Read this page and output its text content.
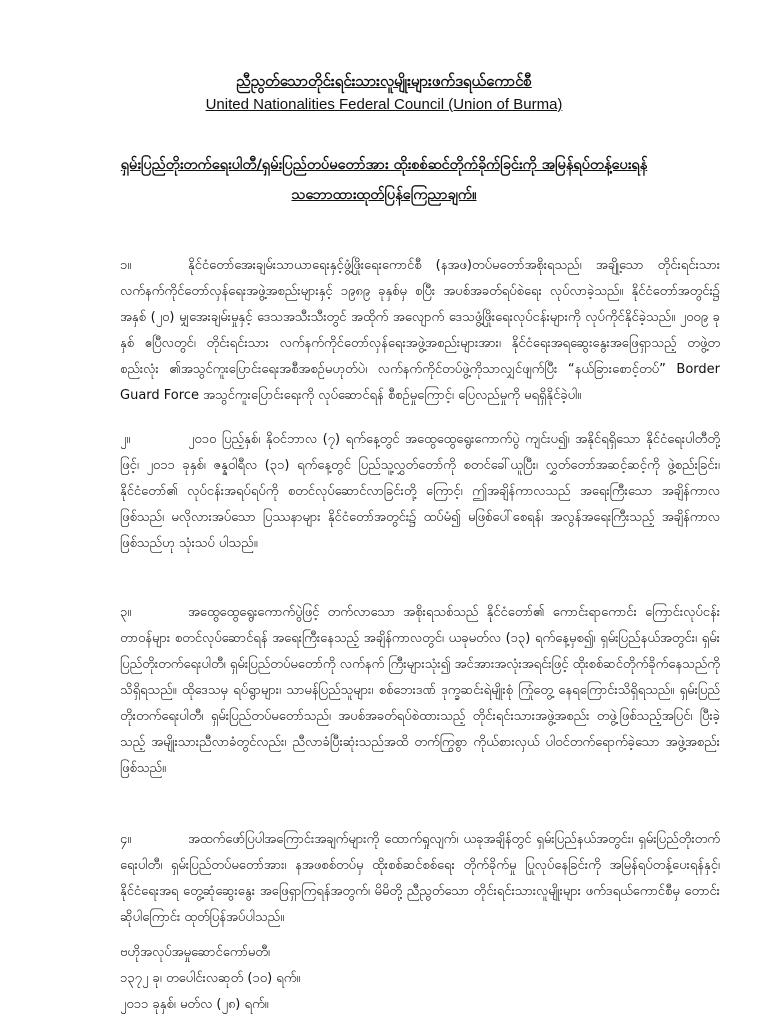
ညီညွတ်သောတိုင်းရင်းသားလူမျိုးများဖက်ဒရယ်ကောင်စီ
United Nationalities Federal Council (Union of Burma)
ရှမ်းပြည်တိုးတက်ရေးပါတီ/ရှမ်းပြည်တပ်မတော်အား ထိုးစစ်ဆင်တိုက်ခိုက်ခြင်းကို အမြန်ရပ်တန့်ပေးရန်
သဘောထားထုတ်ပြန်ကြေညာချက်။
၁။	နိုင်ငံတော်အေးချမ်းသာယာရေးနှင့်ဖွံ့ဖြိုးရေးကောင်စီ (နအဖ)တပ်မတော်အစိုးရသည်၊ အချို့သော တိုင်းရင်းသား လက်နက်ကိုင်တော်လှန်ရေးအဖွဲ့အစည်းများနှင့် ၁၉၈၉ ခုနှစ်မှ စပြီး အပစ်အခတ်ရပ်စဲရေး လုပ်လာခဲ့သည်။ နိုင်ငံတော်အတွင်း၌ အနှစ် (၂၀) မျှအေးချမ်းမှုနှင့် ဒေသအသီးသီးတွင် အထိုက် အလျောက် ဒေသဖွံ့ဖြိုးရေးလုပ်ငန်းများကို လုပ်ကိုင်နိုင်ခဲ့သည်။ ၂၀၀၉ ခုနှစ် ဧပြီလတွင်၊ တိုင်းရင်းသား လက်နက်ကိုင်တော်လှန်ရေးအဖွဲ့အစည်းများအား၊ နိုင်ငံရေးအရဆွေးနွေးအဖြေရှာသည့် တဖွဲ့တစည်းလုံး ၏အသွင်ကူးပြောင်းရေးအစီအစဉ်မဟုတ်ပဲ၊ လက်နက်ကိုင်တပ်ဖွဲ့ကိုသာလျှင်ဖျက်ပြီး “နယ်ခြားစောင့်တပ်” Border Guard Force အသွင်ကူးပြောင်းရေးကို လုပ်ဆောင်ရန် စီစဉ်မှုကြောင့်၊ ပြေလည်မှုကို မရရှိနိုင်ခဲ့ပါ။
၂။	၂၀၁၀ ပြည့်နှစ်၊ နိုဝင်ဘာလ (၇) ရက်နေ့တွင် အထွေထွေရွေးကောက်ပွဲ ကျင်းပ၍၊ အနိုင်ရရှိသော နိုင်ငံရေးပါတီတို့ဖြင့်၊ ၂၀၁၁ ခုနှစ်၊ ဇန္နဝါရီလ (၃၁) ရက်နေ့တွင် ပြည်သူ့လွှတ်တော်ကို စတင်ခေါ်ယူပြီး၊ လွှတ်တော်အဆင့်ဆင့်ကို ဖွဲ့စည်းခြင်း၊ နိုင်ငံတော်၏ လုပ်ငန်းအရပ်ရပ်ကို စတင်လုပ်ဆောင်လာခြင်းတို့ ကြောင့်၊ ဤအချိန်ကာလသည် အရေးကြီးသော အချိန်ကာလဖြစ်သည်၊ မလိုလားအပ်သော ပြဿနာများ နိုင်ငံတော်အတွင်း၌ ထပ်မံ၍ မဖြစ်ပေါ်စေရန်၊ အလွန်အရေးကြီးသည့် အချိန်ကာလ ဖြစ်သည်ဟု သုံးသပ် ပါသည်။
၃။	အထွေထွေရွေးကောက်ပွဲဖြင့် တက်လာသော အစိုးရသစ်သည် နိုင်ငံတော်၏ ကောင်းရာကောင်း ကြောင်းလုပ်ငန်းတာဝန်များ စတင်လုပ်ဆောင်ရန် အရေးကြီးနေသည့် အချိန်ကာလတွင်၊ ယခုမတ်လ (၁၃) ရက်နေ့မှစ၍၊ ရှမ်းပြည်နယ်အတွင်း၊ ရှမ်းပြည်တိုးတက်ရေးပါတီ၊ ရှမ်းပြည်တပ်မတော်ကို လက်နက် ကြီးများသုံး၍ အင်အားအလုံးအရင်းဖြင့် ထိုးစစ်ဆင်တိုက်ခိုက်နေသည်ကို သိရှိရသည်။ ထိုဒေသမှ ရပ်ရွာများ၊ သာမန်ပြည်သူများ၊ စစ်ဘေးဒဏ် ဒုက္ခဆင်းရဲမျိုးစုံ ကြုံတွေ့ နေရကြောင်းသိရှိရသည်။ ရှမ်းပြည် တိုးတက်ရေးပါတီ၊ ရှမ်းပြည်တပ်မတော်သည်၊ အပစ်အခတ်ရပ်စဲထားသည့် တိုင်းရင်းသားအဖွဲ့အစည်း တဖွဲ့ဖြစ်သည့်အပြင်၊ ပြီးခဲ့သည့် အမျိုးသားညီလာခံတွင်လည်း၊ ညီလာခံပြီးဆုံးသည်အထိ တက်ကြွစွာ ကိုယ်စားလှယ် ပါဝင်တက်ရောက်ခဲ့သော အဖွဲ့အစည်းဖြစ်သည်။
၄။	အထက်ဖော်ပြပါအကြောင်းအချက်များကို ထောက်ရှုလျက်၊ ယခုအချိန်တွင် ရှမ်းပြည်နယ်အတွင်း၊ ရှမ်းပြည်တိုးတက်ရေးပါတီ၊ ရှမ်းပြည်တပ်မတော်အား၊ နအဖစစ်တပ်မှ ထိုးစစ်ဆင်စစ်ရေး တိုက်ခိုက်မှု ပြုလုပ်နေခြင်းကို အမြန်ရပ်တန့်ပေးရန်နှင့်၊ နိုင်ငံရေးအရ တွေ့ဆုံဆွေးနွေး အဖြေရှာကြရန်အတွက်၊ မိမိတို့ ညီညွတ်သော တိုင်းရင်းသားလူမျိုးများ ဖက်ဒရယ်ကောင်စီမှ တောင်းဆိုပါကြောင်း ထုတ်ပြန်အပ်ပါသည်။
ဗဟိုအလုပ်အမှုဆောင်ကော်မတီ၊
၁၃၇၂ ခု၊ တပေါင်းလဆုတ် (၁၀) ရက်။
၂၀၁၁ ခုနှစ်၊ မတ်လ (၂၈) ရက်။
